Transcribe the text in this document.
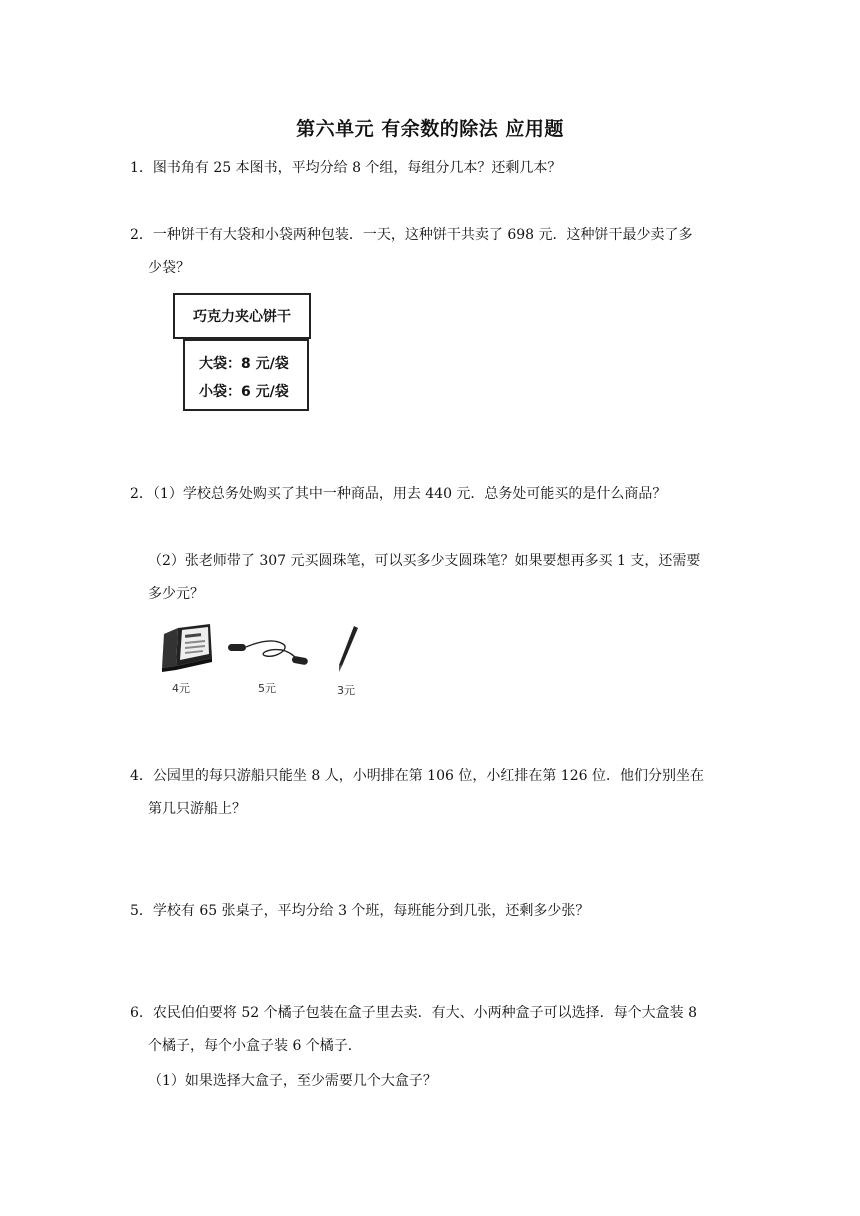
第六单元 有余数的除法 应用题
1．图书角有 25 本图书，平均分给 8 个组，每组分几本？还剩几本？
2．一种饼干有大袋和小袋两种包装．一天，这种饼干共卖了 698 元．这种饼干最少卖了多
少袋？
巧克力夹心饼干
大袋：8 元/袋
小袋：6 元/袋
2．（1）学校总务处购买了其中一种商品，用去 440 元．总务处可能买的是什么商品？
（2）张老师带了 307 元买圆珠笔，可以买多少支圆珠笔？如果要想再多买 1 支，还需要
多少元？
4元	5元	3元
4．公园里的每只游船只能坐 8 人，小明排在第 106 位，小红排在第 126 位．他们分别坐在
第几只游船上？
5．学校有 65 张桌子，平均分给 3 个班，每班能分到几张，还剩多少张？
6．农民伯伯要将 52 个橘子包装在盒子里去卖．有大、小两种盒子可以选择．每个大盒装 8
个橘子，每个小盒子装 6 个橘子．
（1）如果选择大盒子，至少需要几个大盒子？
